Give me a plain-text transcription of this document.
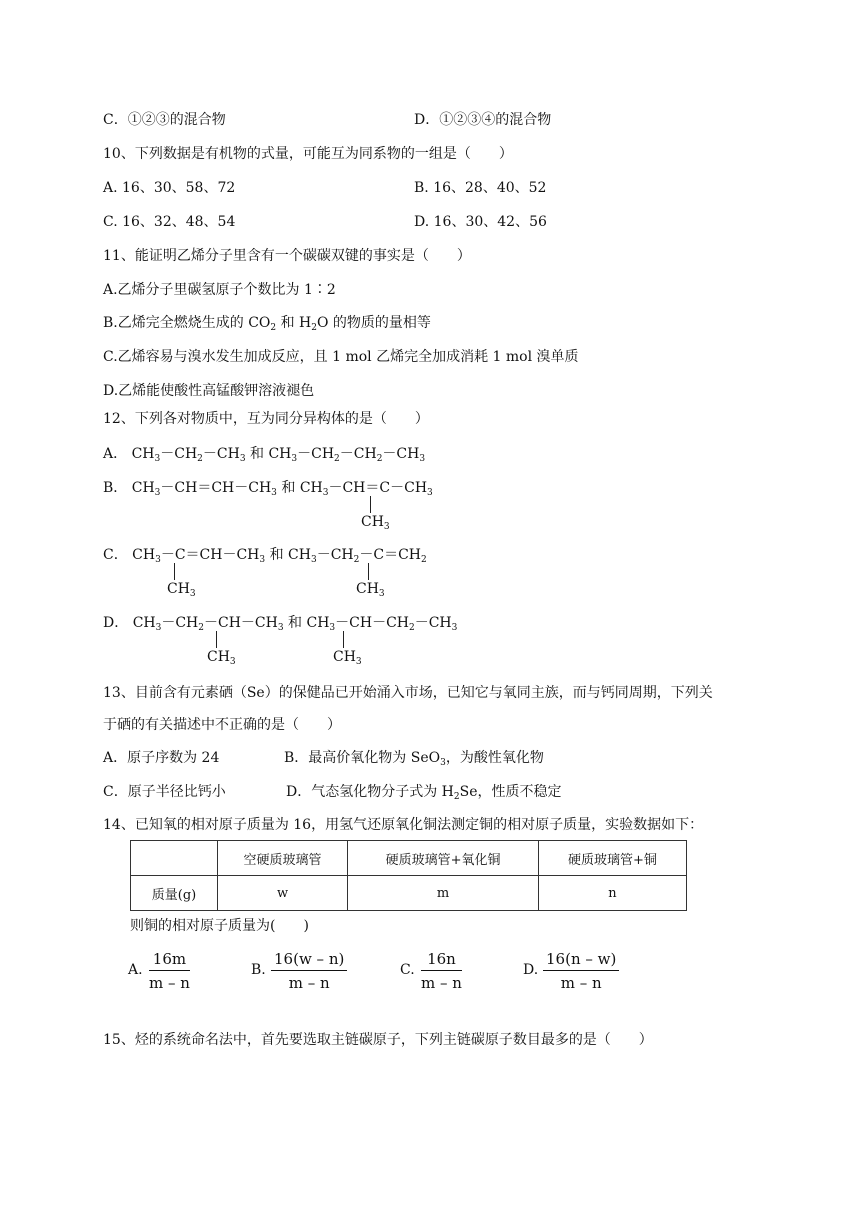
C．①②③的混合物	D．①②③④的混合物
10、下列数据是有机物的式量，可能互为同系物的一组是（　　）
A. 16、30、58、72	B. 16、28、40、52
C. 16、32、48、54	D. 16、30、42、56
11、能证明乙烯分子里含有一个碳碳双键的事实是（　　）
A.乙烯分子里碳氢原子个数比为 1∶2
B.乙烯完全燃烧生成的 $CO_2$ 和 $H_2O$ 的物质的量相等
C.乙烯容易与溴水发生加成反应，且 1 mol 乙烯完全加成消耗 1 mol 溴单质
D.乙烯能使酸性高锰酸钾溶液褪色
12、下列各对物质中，互为同分异构体的是（　　）
A． $CH_3-CH_2-CH_3$ 和 $CH_3-CH_2-CH_2-CH_3$
B． $CH_3-CH=CH-CH_3$ 和 $CH_3-CH=C-CH_3$
$CH_3$
C． $CH_3-C=CH-CH_3$ 和 $CH_3-CH_2-C=CH_2$
$CH_3$	$CH_3$
D． $CH_3-CH_2-CH-CH_3$ 和 $CH_3-CH-CH_2-CH_3$
$CH_3$	$CH_3$
13、目前含有元素硒（Se）的保健品已开始涌入市场，已知它与氧同主族，而与钙同周期，下列关
于硒的有关描述中不正确的是（　　）
A．原子序数为 24	B．最高价氧化物为 SeO$_3$，为酸性氧化物
C．原子半径比钙小	D．气态氢化物分子式为 $H_2Se$，性质不稳定
14、已知氧的相对原子质量为 16，用氢气还原氧化铜法测定铜的相对原子质量，实验数据如下：
	空硬质玻璃管	硬质玻璃管+氧化铜	硬质玻璃管+铜
质量(g)	w	m	n
则铜的相对原子质量为(　　)
A. $\frac{16m}{m - n}$	B. $\frac{16(w - n)}{m - n}$	C. $\frac{16n}{m - n}$	D. $\frac{16(n - w)}{m - n}$
15、烃的系统命名法中，首先要选取主链碳原子，下列主链碳原子数目最多的是（　　）
